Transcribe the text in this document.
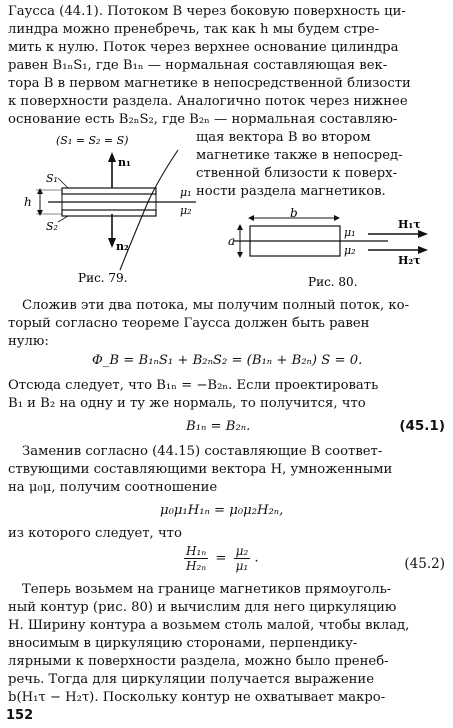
Гаусса (44.1). Потоком B через боковую поверхность ци-
линдра можно пренебречь, так как h мы будем стре-
мить к нулю. Поток через верхнее основание цилиндра
равен B₁ₙS₁, где B₁ₙ — нормальная составляющая век-
тора B в первом магнетике в непосредственной близости
к поверхности раздела. Аналогично поток через нижнее
основание есть B₂ₙS₂, где B₂ₙ — нормальная составляю-
щая вектора B во втором
магнетике также в непосред-
ственной близости к поверх-
ности раздела магнетиков.
(S₁ = S₂ = S)
n₁
S₁
S₂
μ₁
μ₂
h
n₂
Рис. 79.
b
a
μ₁
μ₂
H₁τ
H₂τ
Рис. 80.
Сложив эти два потока, мы получим полный поток, ко-
торый согласно теореме Гаусса должен быть равен
нулю:
Φ_B = B₁ₙS₁ + B₂ₙS₂ = (B₁ₙ + B₂ₙ) S = 0.
Отсюда следует, что B₁ₙ = −B₂ₙ. Если проектировать
B₁ и B₂ на одну и ту же нормаль, то получится, что
B₁ₙ = B₂ₙ.	(45.1)
Заменив согласно (44.15) составляющие B соответ-
ствующими составляющими вектора H, умноженными
на μ₀μ, получим соотношение
μ₀μ₁H₁ₙ = μ₀μ₂H₂ₙ,
из которого следует, что
$\frac{\text{H₁ₙ}}{\text{H₂ₙ}} = \frac{\text{μ₂}}{\text{μ₁}}$ .	(45.2)
Теперь возьмем на границе магнетиков прямоуголь-
ный контур (рис. 80) и вычислим для него циркуляцию
H. Ширину контура a возьмем столь малой, чтобы вклад,
вносимым в циркуляцию сторонами, перпендику-
лярными к поверхности раздела, можно было пренеб-
речь. Тогда для циркуляции получается выражение
b(H₁τ − H₂τ). Поскольку контур не охватывает макро-
152
